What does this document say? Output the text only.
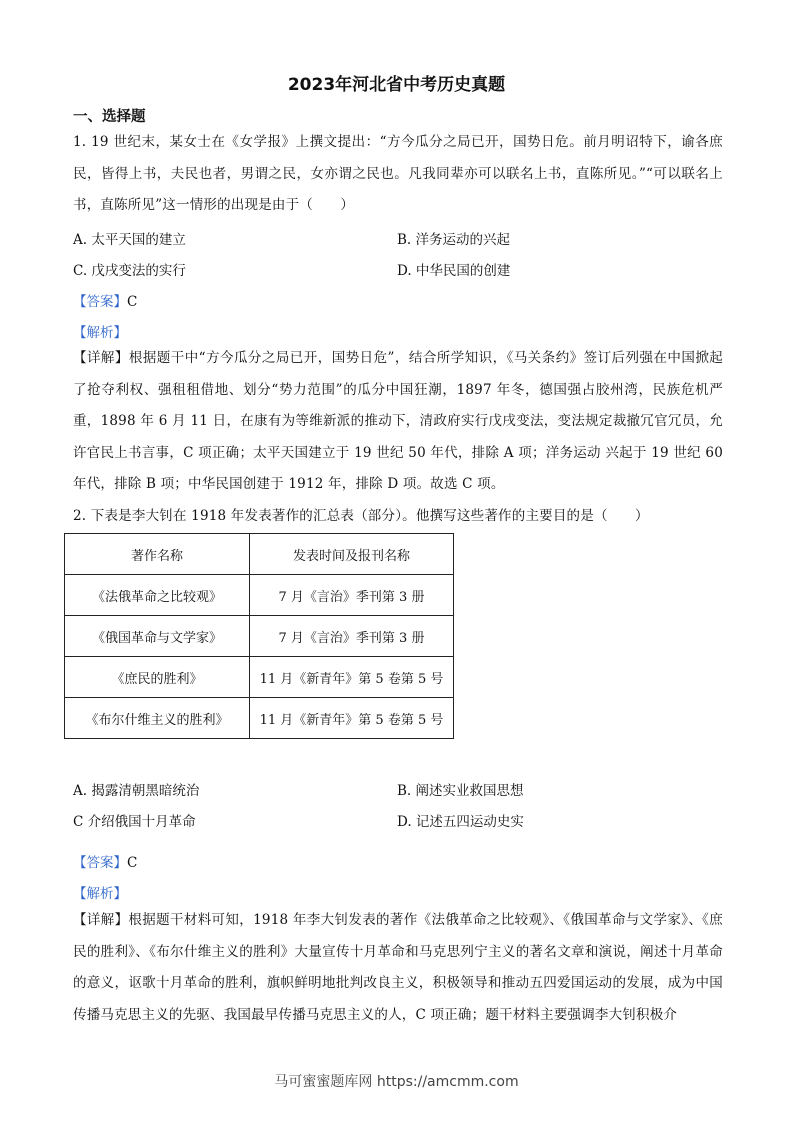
2023年河北省中考历史真题
一、选择题
1. 19 世纪末，某女士在《女学报》上撰文提出：“方今瓜分之局已开，国势日危。前月明诏特下，谕各庶民，皆得上书，夫民也者，男谓之民，女亦谓之民也。凡我同辈亦可以联名上书，直陈所见。”“可以联名上书，直陈所见”这一情形的出现是由于（　　）
A. 太平天国的建立	B. 洋务运动的兴起
C. 戊戌变法的实行	D. 中华民国的创建
【答案】C
【解析】
【详解】根据题干中“方今瓜分之局已开，国势日危”，结合所学知识，《马关条约》签订后列强在中国掀起了抢夺利权、强租租借地、划分“势力范围”的瓜分中国狂潮，1897 年冬，德国强占胶州湾，民族危机严重，1898 年 6 月 11 日，在康有为等维新派的推动下，清政府实行戊戌变法，变法规定裁撤冗官冗员，允许官民上书言事，C 项正确；太平天国建立于 19 世纪 50 年代，排除 A 项；洋务运动 兴起于 19 世纪 60 年代，排除 B 项；中华民国创建于 1912 年，排除 D 项。故选 C 项。
2. 下表是李大钊在 1918 年发表著作的汇总表（部分）。他撰写这些著作的主要目的是（　　）
著作名称	发表时间及报刊名称
《法俄革命之比较观》	7 月《言治》季刊第 3 册
《俄国革命与文学家》	7 月《言治》季刊第 3 册
《庶民的胜利》	11 月《新青年》第 5 卷第 5 号
《布尔什维主义的胜利》	11 月《新青年》第 5 卷第 5 号
A. 揭露清朝黑暗统治	B. 阐述实业救国思想
C 介绍俄国十月革命	D. 记述五四运动史实
【答案】C
【解析】
【详解】根据题干材料可知，1918 年李大钊发表的著作《法俄革命之比较观》、《俄国革命与文学家》、《庶民的胜利》、《布尔什维主义的胜利》大量宣传十月革命和马克思列宁主义的著名文章和演说，阐述十月革命的意义，讴歌十月革命的胜利，旗帜鲜明地批判改良主义，积极领导和推动五四爱国运动的发展，成为中国传播马克思主义的先驱、我国最早传播马克思主义的人，C 项正确；题干材料主要强调李大钊积极介
马可蜜蜜题库网 https://amcmm.com
